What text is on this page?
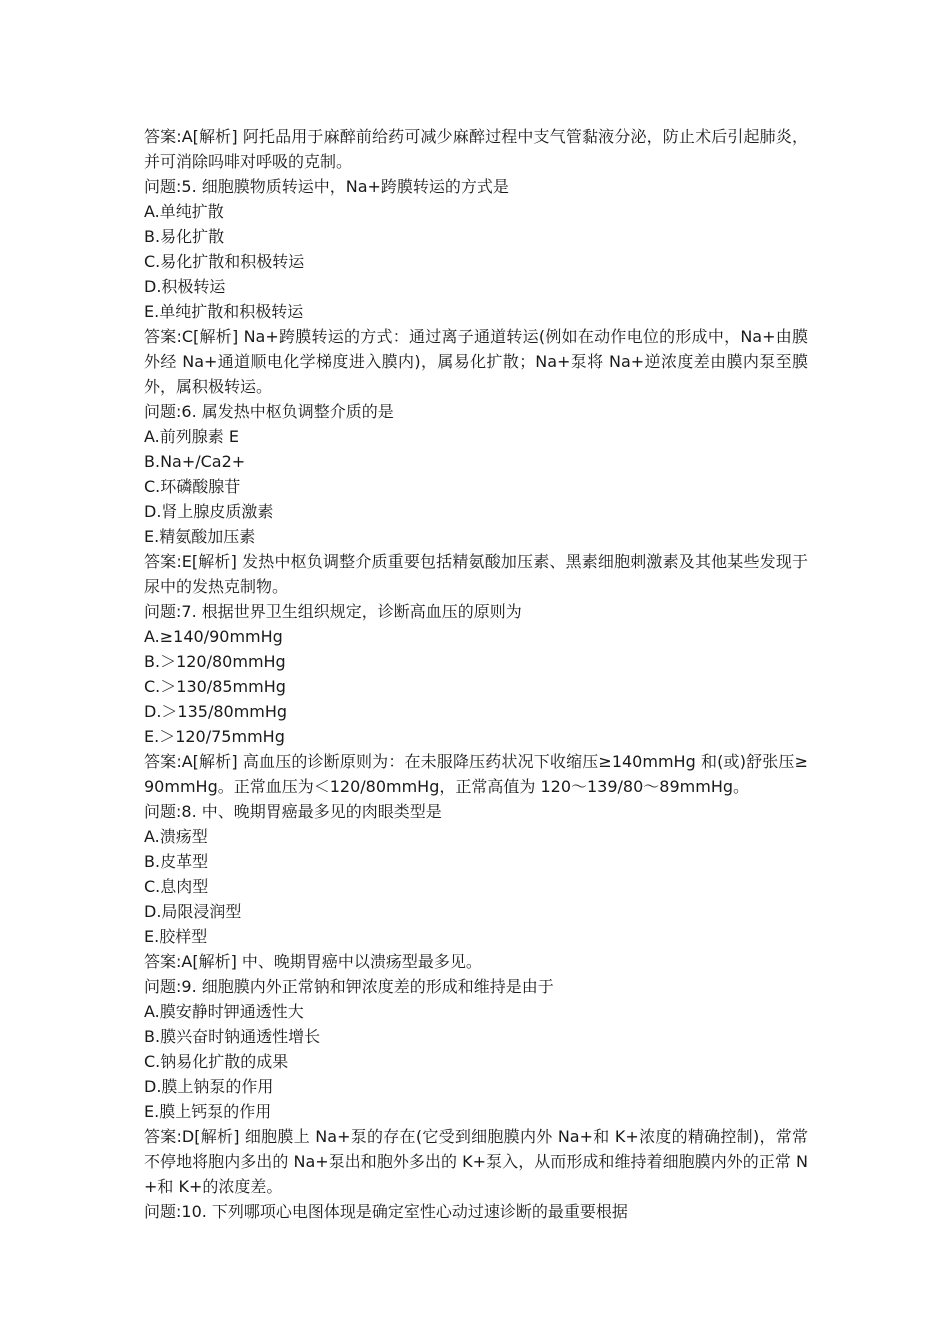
答案:A[解析] 阿托品用于麻醉前给药可减少麻醉过程中支气管黏液分泌，防止术后引起肺炎，并可消除吗啡对呼吸的克制。

问题:5. 细胞膜物质转运中，Na+跨膜转运的方式是

A.单纯扩散

B.易化扩散

C.易化扩散和积极转运

D.积极转运

E.单纯扩散和积极转运

答案:C[解析] Na+跨膜转运的方式：通过离子通道转运(例如在动作电位的形成中，Na+由膜外经 Na+通道顺电化学梯度进入膜内)，属易化扩散；Na+泵将 Na+逆浓度差由膜内泵至膜外，属积极转运。

问题:6. 属发热中枢负调整介质的是

A.前列腺素 E

B.Na+/Ca2+

C.环磷酸腺苷

D.肾上腺皮质激素

E.精氨酸加压素

答案:E[解析] 发热中枢负调整介质重要包括精氨酸加压素、黑素细胞刺激素及其他某些发现于尿中的发热克制物。

问题:7. 根据世界卫生组织规定，诊断高血压的原则为

A.≥140/90mmHg

B.＞120/80mmHg

C.＞130/85mmHg

D.＞135/80mmHg

E.＞120/75mmHg

答案:A[解析] 高血压的诊断原则为：在未服降压药状况下收缩压≥140mmHg 和(或)舒张压≥90mmHg。正常血压为＜120/80mmHg，正常高值为 120～139/80～89mmHg。

问题:8. 中、晚期胃癌最多见的肉眼类型是

A.溃疡型

B.皮革型

C.息肉型

D.局限浸润型

E.胶样型

答案:A[解析] 中、晚期胃癌中以溃疡型最多见。

问题:9. 细胞膜内外正常钠和钾浓度差的形成和维持是由于

A.膜安静时钾通透性大

B.膜兴奋时钠通透性增长

C.钠易化扩散的成果

D.膜上钠泵的作用

E.膜上钙泵的作用

答案:D[解析] 细胞膜上 Na+泵的存在(它受到细胞膜内外 Na+和 K+浓度的精确控制)，常常不停地将胞内多出的 Na+泵出和胞外多出的 K+泵入，从而形成和维持着细胞膜内外的正常 N+和 K+的浓度差。

问题:10. 下列哪项心电图体现是确定室性心动过速诊断的最重要根据
